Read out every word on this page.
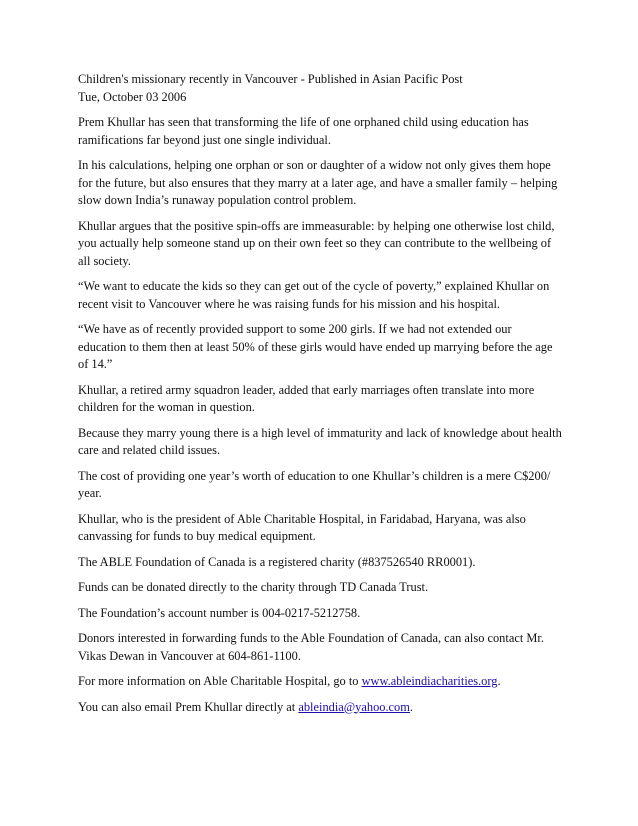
Children's missionary recently in Vancouver - Published in Asian Pacific Post

Tue, October 03 2006

Prem Khullar has seen that transforming the life of one orphaned child using education has ramifications far beyond just one single individual.

In his calculations, helping one orphan or son or daughter of a widow not only gives them hope for the future, but also ensures that they marry at a later age, and have a smaller family – helping slow down India’s runaway population control problem.

Khullar argues that the positive spin-offs are immeasurable: by helping one otherwise lost child, you actually help someone stand up on their own feet so they can contribute to the wellbeing of all society.

“We want to educate the kids so they can get out of the cycle of poverty,” explained Khullar on recent visit to Vancouver where he was raising funds for his mission and his hospital.

“We have as of recently provided support to some 200 girls. If we had not extended our education to them then at least 50% of these girls would have ended up marrying before the age of 14.”

Khullar, a retired army squadron leader, added that early marriages often translate into more children for the woman in question.

Because they marry young there is a high level of immaturity and lack of knowledge about health care and related child issues.

The cost of providing one year’s worth of education to one Khullar’s children is a mere C$200/ year.

Khullar, who is the president of Able Charitable Hospital, in Faridabad, Haryana, was also canvassing for funds to buy medical equipment.

The ABLE Foundation of Canada is a registered charity (#837526540 RR0001).

Funds can be donated directly to the charity through TD Canada Trust.

The Foundation’s account number is 004-0217-5212758.

Donors interested in forwarding funds to the Able Foundation of Canada, can also contact Mr. Vikas Dewan in Vancouver at 604-861-1100.

For more information on Able Charitable Hospital, go to www.ableindiacharities.org.

You can also email Prem Khullar directly at ableindia@yahoo.com.
